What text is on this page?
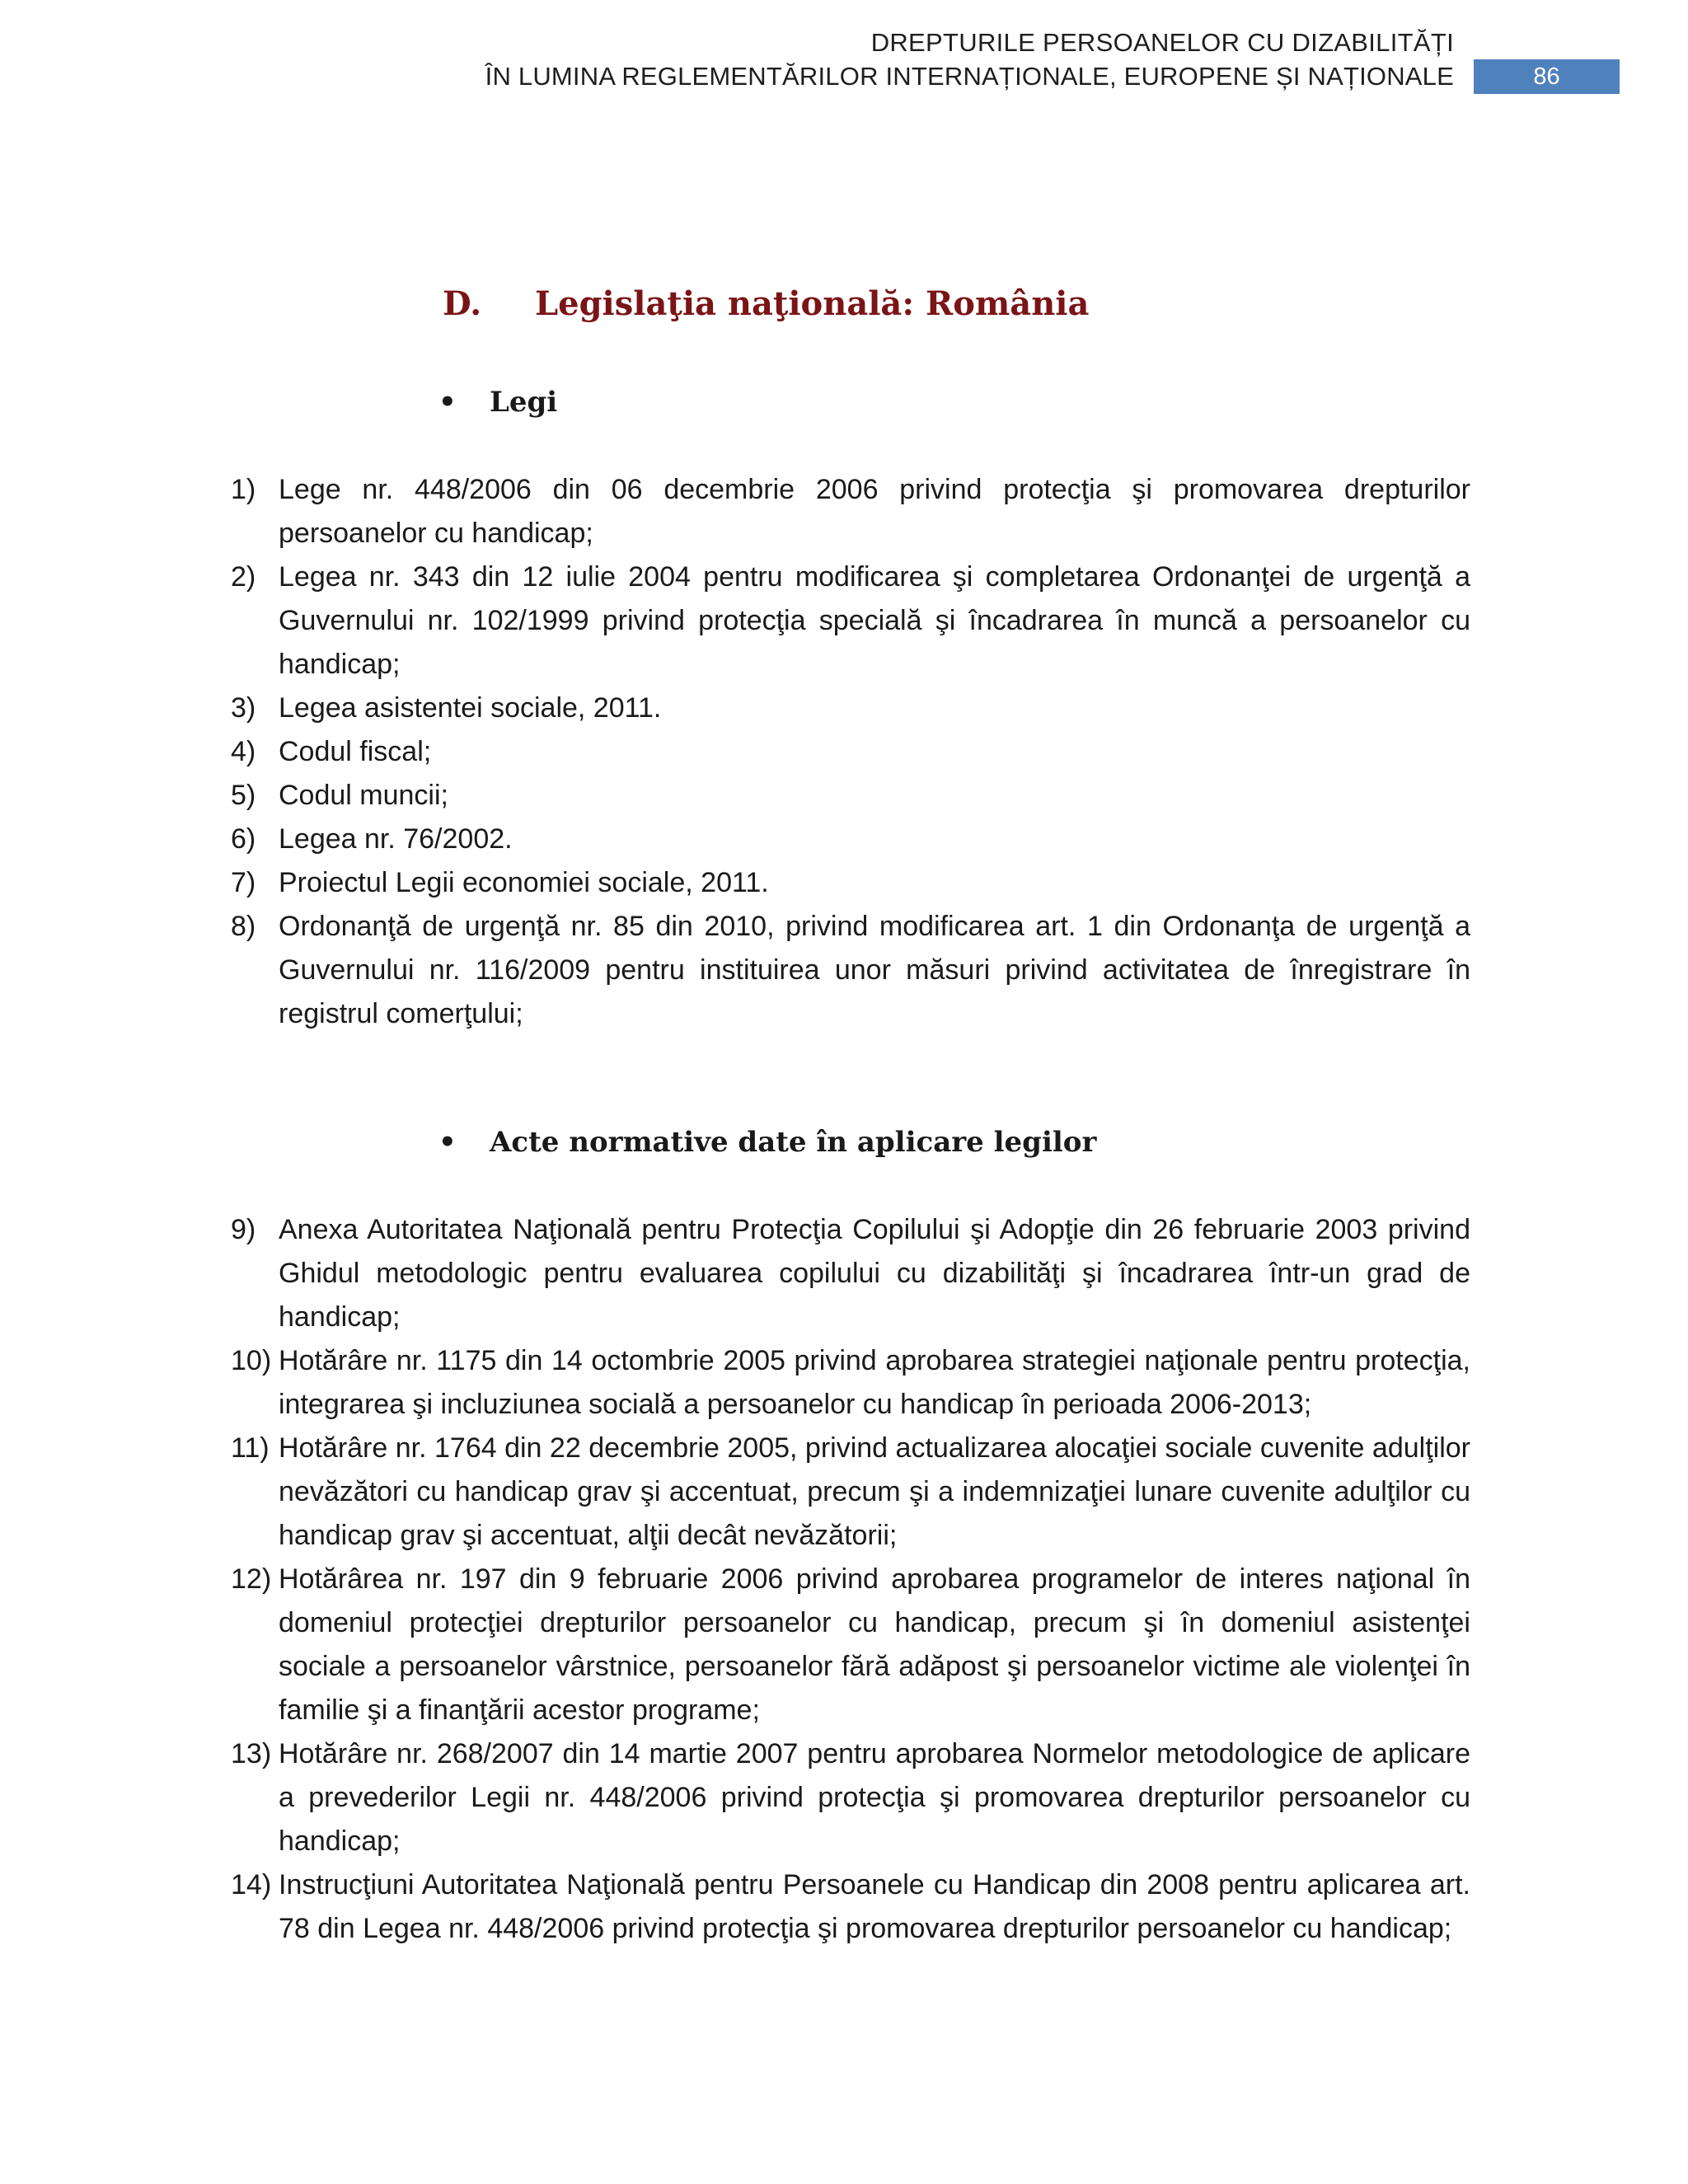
DREPTURILE PERSOANELOR CU DIZABILITĂȚI
ÎN LUMINA REGLEMENTĂRILOR INTERNAȚIONALE, EUROPENE ȘI NAȚIONALE	86
D. Legislaţia naţională: România
• Legi
1) Lege nr. 448/2006 din 06 decembrie 2006 privind protecţia şi promovarea drepturilor persoanelor cu handicap;
2) Legea nr. 343 din 12 iulie 2004 pentru modificarea şi completarea Ordonanţei de urgenţă a Guvernului nr. 102/1999 privind protecţia specială şi încadrarea în muncă a persoanelor cu handicap;
3) Legea asistentei sociale, 2011.
4) Codul fiscal;
5) Codul muncii;
6) Legea nr. 76/2002.
7) Proiectul Legii economiei sociale, 2011.
8) Ordonanţă de urgenţă nr. 85 din 2010, privind modificarea art. 1 din Ordonanţa de urgenţă a Guvernului nr. 116/2009 pentru instituirea unor măsuri privind activitatea de înregistrare în registrul comerţului;
• Acte normative date în aplicare legilor
9) Anexa Autoritatea Naţională pentru Protecţia Copilului şi Adopţie din 26 februarie 2003 privind Ghidul metodologic pentru evaluarea copilului cu dizabilităţi şi încadrarea într-un grad de handicap;
10) Hotărâre nr. 1175 din 14 octombrie 2005 privind aprobarea strategiei naţionale pentru protecţia, integrarea şi incluziunea socială a persoanelor cu handicap în perioada 2006-2013;
11) Hotărâre nr. 1764 din 22 decembrie 2005, privind actualizarea alocaţiei sociale cuvenite adulţilor nevăzători cu handicap grav şi accentuat, precum şi a indemnizaţiei lunare cuvenite adulţilor cu handicap grav şi accentuat, alţii decât nevăzătorii;
12) Hotărârea nr. 197 din 9 februarie 2006 privind aprobarea programelor de interes naţional în domeniul protecţiei drepturilor persoanelor cu handicap, precum şi în domeniul asistenţei sociale a persoanelor vârstnice, persoanelor fără adăpost şi persoanelor victime ale violenţei în familie şi a finanţării acestor programe;
13) Hotărâre nr. 268/2007 din 14 martie 2007 pentru aprobarea Normelor metodologice de aplicare a prevederilor Legii nr. 448/2006 privind protecţia şi promovarea drepturilor persoanelor cu handicap;
14) Instrucţiuni Autoritatea Naţională pentru Persoanele cu Handicap din 2008 pentru aplicarea art. 78 din Legea nr. 448/2006 privind protecţia şi promovarea drepturilor persoanelor cu handicap;
